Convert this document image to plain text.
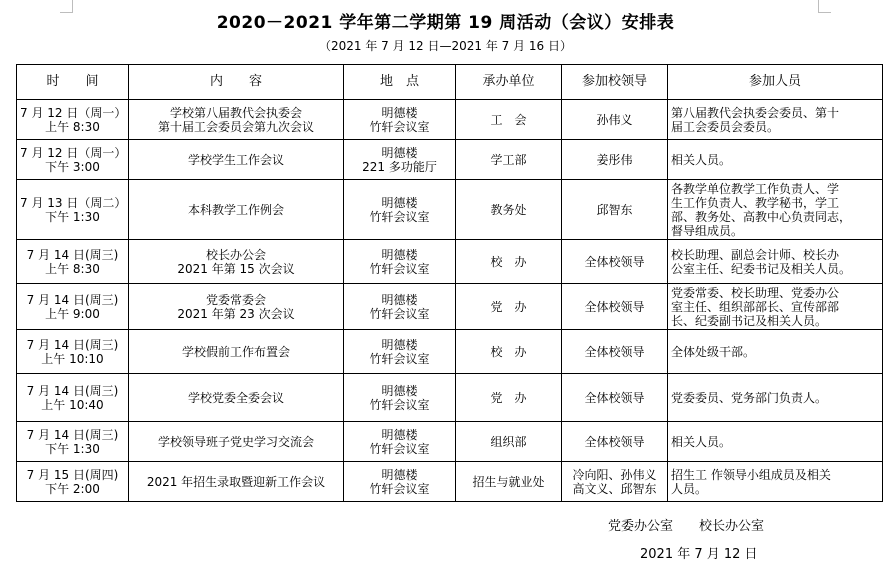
2020－2021 学年第二学期第 19 周活动（会议）安排表
（2021 年 7 月 12 日—2021 年 7 月 16 日）
时　　间	内　　容	地　点	承办单位	参加校领导	参加人员

7 月 12 日（周一）
上午 8:30	学校第八届教代会执委会
第十届工会委员会第九次会议	明德楼
竹轩会议室	工　会	孙伟义	第八届教代会执委会委员、第十
届工会委员会委员。

7 月 12 日（周一）
下午 3:00	学校学生工作会议	明德楼
221 多功能厅	学工部	姜彤伟	相关人员。

7 月 13 日（周二）
下午 1:30	本科教学工作例会	明德楼
竹轩会议室	教务处	邱智东	各教学单位教学工作负责人、学
生工作负责人、教学秘书，学工
部、教务处、高教中心负责同志，
督导组成员。

7 月 14 日(周三)
上午 8:30	校长办公会
2021 年第 15 次会议	明德楼
竹轩会议室	校　办	全体校领导	校长助理、副总会计师、校长办
公室主任、纪委书记及相关人员。

7 月 14 日(周三)
上午 9:00	党委常委会
2021 年第 23 次会议	明德楼
竹轩会议室	党　办	全体校领导	党委常委、校长助理、党委办公
室主任、组织部部长、宣传部部
长、纪委副书记及相关人员。

7 月 14 日(周三)
上午 10:10	学校假前工作布置会	明德楼
竹轩会议室	校　办	全体校领导	全体处级干部。

7 月 14 日(周三)
上午 10:40	学校党委全委会议	明德楼
竹轩会议室	党　办	全体校领导	党委委员、党务部门负责人。

7 月 14 日(周三)
下午 1:30	学校领导班子党史学习交流会	明德楼
竹轩会议室	组织部	全体校领导	相关人员。

7 月 15 日(周四)
下午 2:00	2021 年招生录取暨迎新工作会议	明德楼
竹轩会议室	招生与就业处	冷向阳、孙伟义
高文义、邱智东	招生工 作领导小组成员及相关
人员。
党委办公室　　校长办公室
2021 年 7 月 12 日
